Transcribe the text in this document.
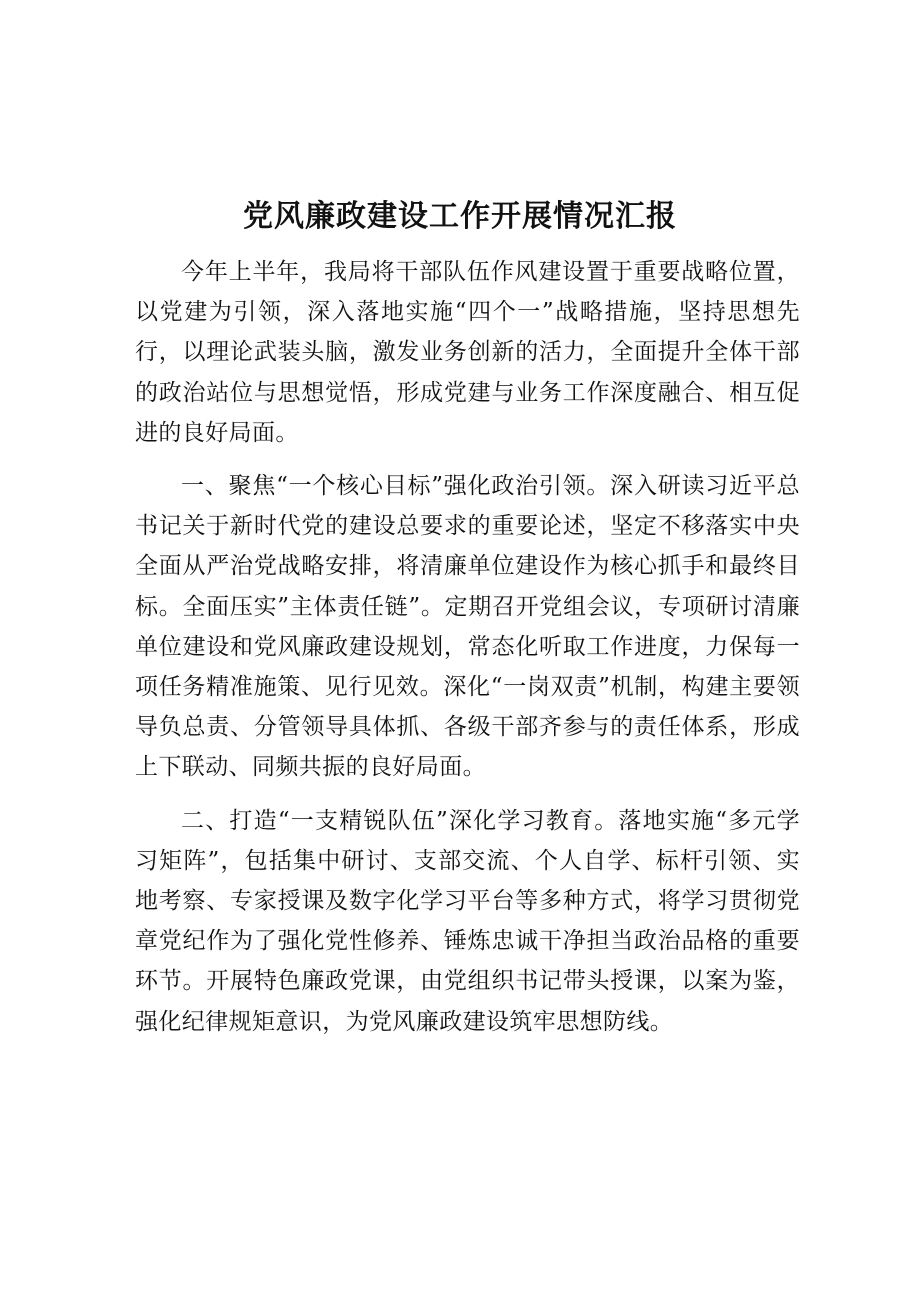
党风廉政建设工作开展情况汇报

今年上半年，我局将干部队伍作风建设置于重要战略位置，以党建为引领，深入落地实施“四个一”战略措施，坚持思想先行，以理论武装头脑，激发业务创新的活力，全面提升全体干部的政治站位与思想觉悟，形成党建与业务工作深度融合、相互促进的良好局面。

一、聚焦“一个核心目标”强化政治引领。深入研读习近平总书记关于新时代党的建设总要求的重要论述，坚定不移落实中央全面从严治党战略安排，将清廉单位建设作为核心抓手和最终目标。全面压实”主体责任链”。定期召开党组会议，专项研讨清廉单位建设和党风廉政建设规划，常态化听取工作进度，力保每一项任务精准施策、见行见效。深化“一岗双责”机制，构建主要领导负总责、分管领导具体抓、各级干部齐参与的责任体系，形成上下联动、同频共振的良好局面。

二、打造“一支精锐队伍”深化学习教育。落地实施“多元学习矩阵”，包括集中研讨、支部交流、个人自学、标杆引领、实地考察、专家授课及数字化学习平台等多种方式，将学习贯彻党章党纪作为了强化党性修养、锤炼忠诚干净担当政治品格的重要环节。开展特色廉政党课，由党组织书记带头授课，以案为鉴，强化纪律规矩意识，为党风廉政建设筑牢思想防线。
